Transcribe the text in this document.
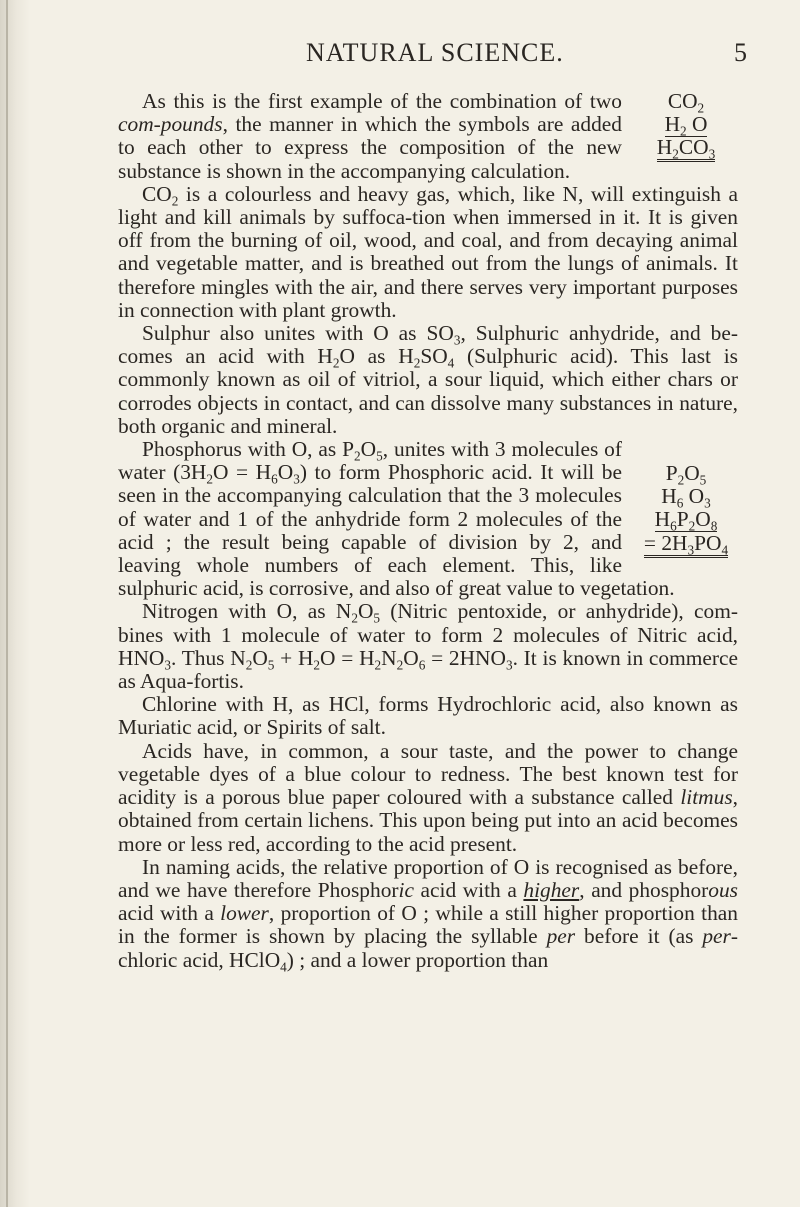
NATURAL SCIENCE.	5

$CO_2$
$H_2$ O
$H_2CO_3$
As this is the first example of the combination of two com-pounds, the manner in which the symbols are added to each other to express the composition of the new substance is shown in the accompanying calculation.

$CO_2$ is a colourless and heavy gas, which, like N, will extinguish a light and kill animals by suffoca-tion when immersed in it. It is given off from the burning of oil, wood, and coal, and from decaying animal and vegetable matter, and is breathed out from the lungs of animals. It therefore mingles with the air, and there serves very important purposes in connection with plant growth.

Sulphur also unites with O as $SO_3$, Sulphuric anhydride, and be-comes an acid with $H_2O$ as $H_2SO_4$ (Sulphuric acid). This last is commonly known as oil of vitriol, a sour liquid, which either chars or corrodes objects in contact, and can dissolve many substances in nature, both organic and mineral.

$P_2O_5$
$H_6$ $O_3$
$H_6P_2O_8$
= $2H_3PO_4$
Phosphorus with O, as $P_2O_5$, unites with 3 molecules of water $(3H_2O = H_6O_3)$ to form Phosphoric acid. It will be seen in the accompanying calculation that the 3 molecules of water and 1 of the anhydride form 2 molecules of the acid ; the result being capable of division by 2, and leaving whole numbers of each element. This, like sulphuric acid, is corrosive, and also of great value to vegetation.

Nitrogen with O, as $N_2O_5$ (Nitric pentoxide, or anhydride), com-bines with 1 molecule of water to form 2 molecules of Nitric acid, $HNO_3$. Thus $N_2O_5 + H_2O = H_2N_2O_6 = 2HNO_3$. It is known in commerce as Aqua-fortis.

Chlorine with H, as HCl, forms Hydrochloric acid, also known as Muriatic acid, or Spirits of salt.

Acids have, in common, a sour taste, and the power to change vegetable dyes of a blue colour to redness. The best known test for acidity is a porous blue paper coloured with a substance called litmus, obtained from certain lichens. This upon being put into an acid becomes more or less red, according to the acid present.

In naming acids, the relative proportion of O is recognised as before, and we have therefore Phosphoric acid with a higher, and phosphorous acid with a lower, proportion of O ; while a still higher proportion than in the former is shown by placing the syllable per before it (as per-chloric acid, HClO$_4$) ; and a lower proportion than
